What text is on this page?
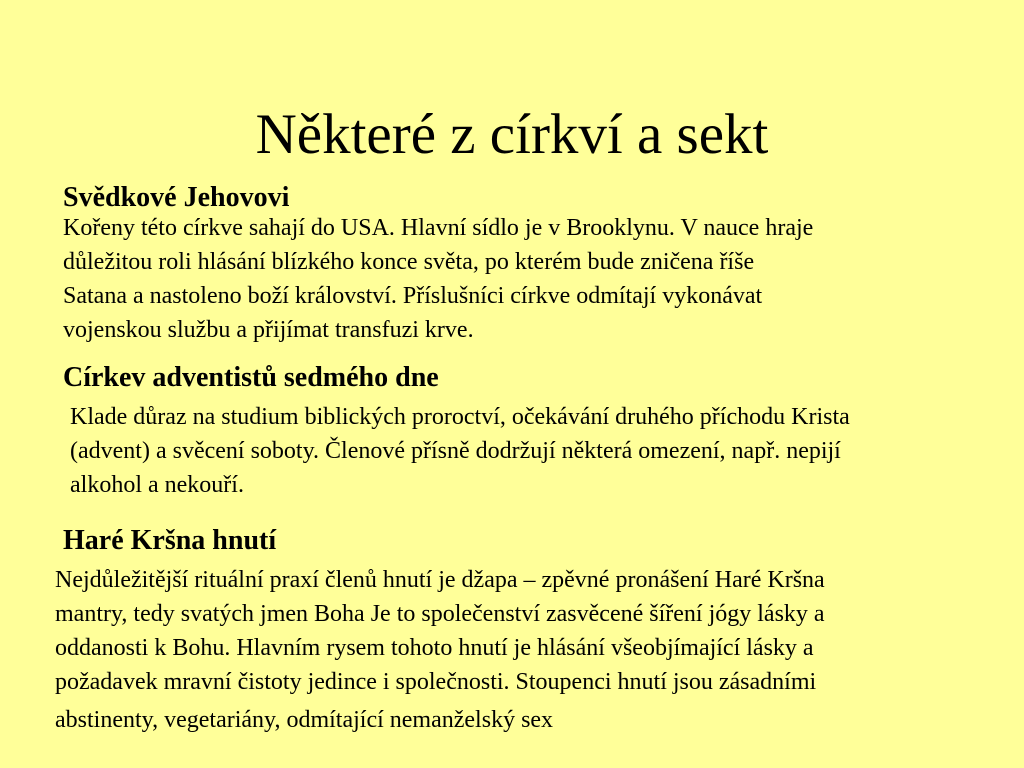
Některé z církví a sekt
Svědkové Jehovovi
Kořeny této církve sahají do USA. Hlavní sídlo je v Brooklynu. V nauce hraje
důležitou roli hlásání blízkého konce světa, po kterém bude zničena říše
Satana a nastoleno boží království. Příslušníci církve odmítají vykonávat
vojenskou službu a přijímat transfuzi krve.
Církev adventistů sedmého dne
Klade důraz na studium biblických proroctví, očekávání druhého příchodu Krista
(advent) a svěcení soboty. Členové přísně dodržují některá omezení, např. nepijí
alkohol a nekouří.
Haré Kršna hnutí
Nejdůležitější rituální praxí členů hnutí je džapa – zpěvné pronášení Haré Kršna
mantry, tedy svatých jmen Boha Je to společenství zasvěcené šíření jógy lásky a
oddanosti k Bohu. Hlavním rysem tohoto hnutí je hlásání všeobjímající lásky a
požadavek mravní čistoty jedince i společnosti. Stoupenci hnutí jsou zásadními
abstinenty, vegetariány, odmítající nemanželský sex
